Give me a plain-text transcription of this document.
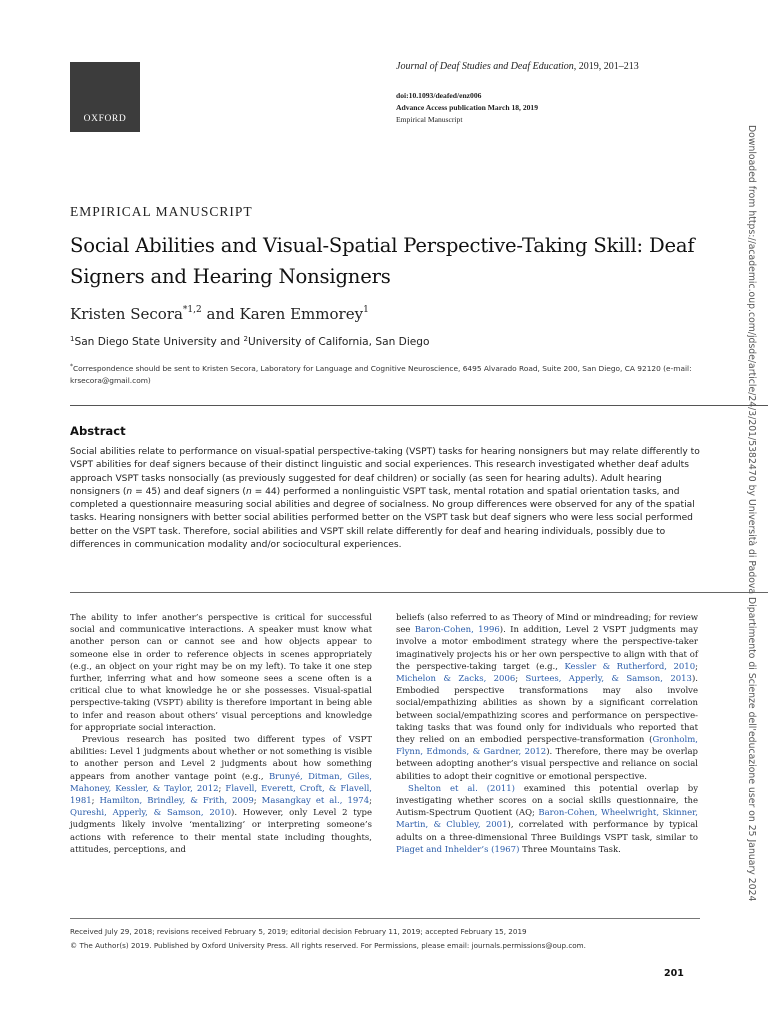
OXFORD
Journal of Deaf Studies and Deaf Education, 2019, 201–213
doi:10.1093/deafed/enz006
Advance Access publication March 18, 2019
Empirical Manuscript
EMPIRICAL MANUSCRIPT
Social Abilities and Visual-Spatial Perspective-Taking Skill: Deaf Signers and Hearing Nonsigners
Kristen Secora$^{*1,2}$ and Karen Emmorey$^1$
$^1$San Diego State University and $^2$University of California, San Diego
*Correspondence should be sent to Kristen Secora, Laboratory for Language and Cognitive Neuroscience, 6495 Alvarado Road, Suite 200, San Diego, CA 92120 (e-mail: krsecora@gmail.com)
Abstract
Social abilities relate to performance on visual-spatial perspective-taking (VSPT) tasks for hearing nonsigners but may relate differently to VSPT abilities for deaf signers because of their distinct linguistic and social experiences. This research investigated whether deaf adults approach VSPT tasks nonsocially (as previously suggested for deaf children) or socially (as seen for hearing adults). Adult hearing nonsigners (n = 45) and deaf signers (n = 44) performed a nonlinguistic VSPT task, mental rotation and spatial orientation tasks, and completed a questionnaire measuring social abilities and degree of socialness. No group differences were observed for any of the spatial tasks. Hearing nonsigners with better social abilities performed better on the VSPT task but deaf signers who were less social performed better on the VSPT task. Therefore, social abilities and VSPT skill relate differently for deaf and hearing individuals, possibly due to differences in communication modality and/or sociocultural experiences.

The ability to infer another’s perspective is critical for successful social and communicative interactions. A speaker must know what another person can or cannot see and how objects appear to someone else in order to reference objects in scenes appropriately (e.g., an object on your right may be on my left). To take it one step further, inferring what and how someone sees a scene often is a critical clue to what knowledge he or she possesses. Visual-spatial perspective-taking (VSPT) ability is therefore important in being able to infer and reason about others’ visual perceptions and knowledge for appropriate social interaction.

Previous research has posited two different types of VSPT abilities: Level 1 judgments about whether or not something is visible to another person and Level 2 judgments about how something appears from another vantage point (e.g., Brunyé, Ditman, Giles, Mahoney, Kessler, & Taylor, 2012; Flavell, Everett, Croft, & Flavell, 1981; Hamilton, Brindley, & Frith, 2009; Masangkay et al., 1974; Qureshi, Apperly, & Samson, 2010). However, only Level 2 type judgments likely involve ‘mentalizing’ or interpreting someone’s actions with reference to their mental state including thoughts, attitudes, perceptions, and

beliefs (also referred to as Theory of Mind or mindreading; for review see Baron-Cohen, 1996). In addition, Level 2 VSPT judgments may involve a motor embodiment strategy where the perspective-taker imaginatively projects his or her own perspective to align with that of the perspective-taking target (e.g., Kessler & Rutherford, 2010; Michelon & Zacks, 2006; Surtees, Apperly, & Samson, 2013). Embodied perspective transformations may also involve social/empathizing abilities as shown by a significant correlation between social/empathizing scores and performance on perspective-taking tasks that was found only for individuals who reported that they relied on an embodied perspective-transformation (Gronholm, Flynn, Edmonds, & Gardner, 2012). Therefore, there may be overlap between adopting another’s visual perspective and reliance on social abilities to adopt their cognitive or emotional perspective.

Shelton et al. (2011) examined this potential overlap by investigating whether scores on a social skills questionnaire, the Autism-Spectrum Quotient (AQ; Baron-Cohen, Wheelwright, Skinner, Martin, & Clubley, 2001), correlated with performance by typical adults on a three-dimensional Three Buildings VSPT task, similar to Piaget and Inhelder’s (1967) Three Mountains Task.

Received July 29, 2018; revisions received February 5, 2019; editorial decision February 11, 2019; accepted February 15, 2019
© The Author(s) 2019. Published by Oxford University Press. All rights reserved. For Permissions, please email: journals.permissions@oup.com.
201
Downloaded from https://academic.oup.com/jdsde/article/24/3/201/5382470 by Università di Padova Dipartimento di Scienze dell'educazione user on 25 January 2024
